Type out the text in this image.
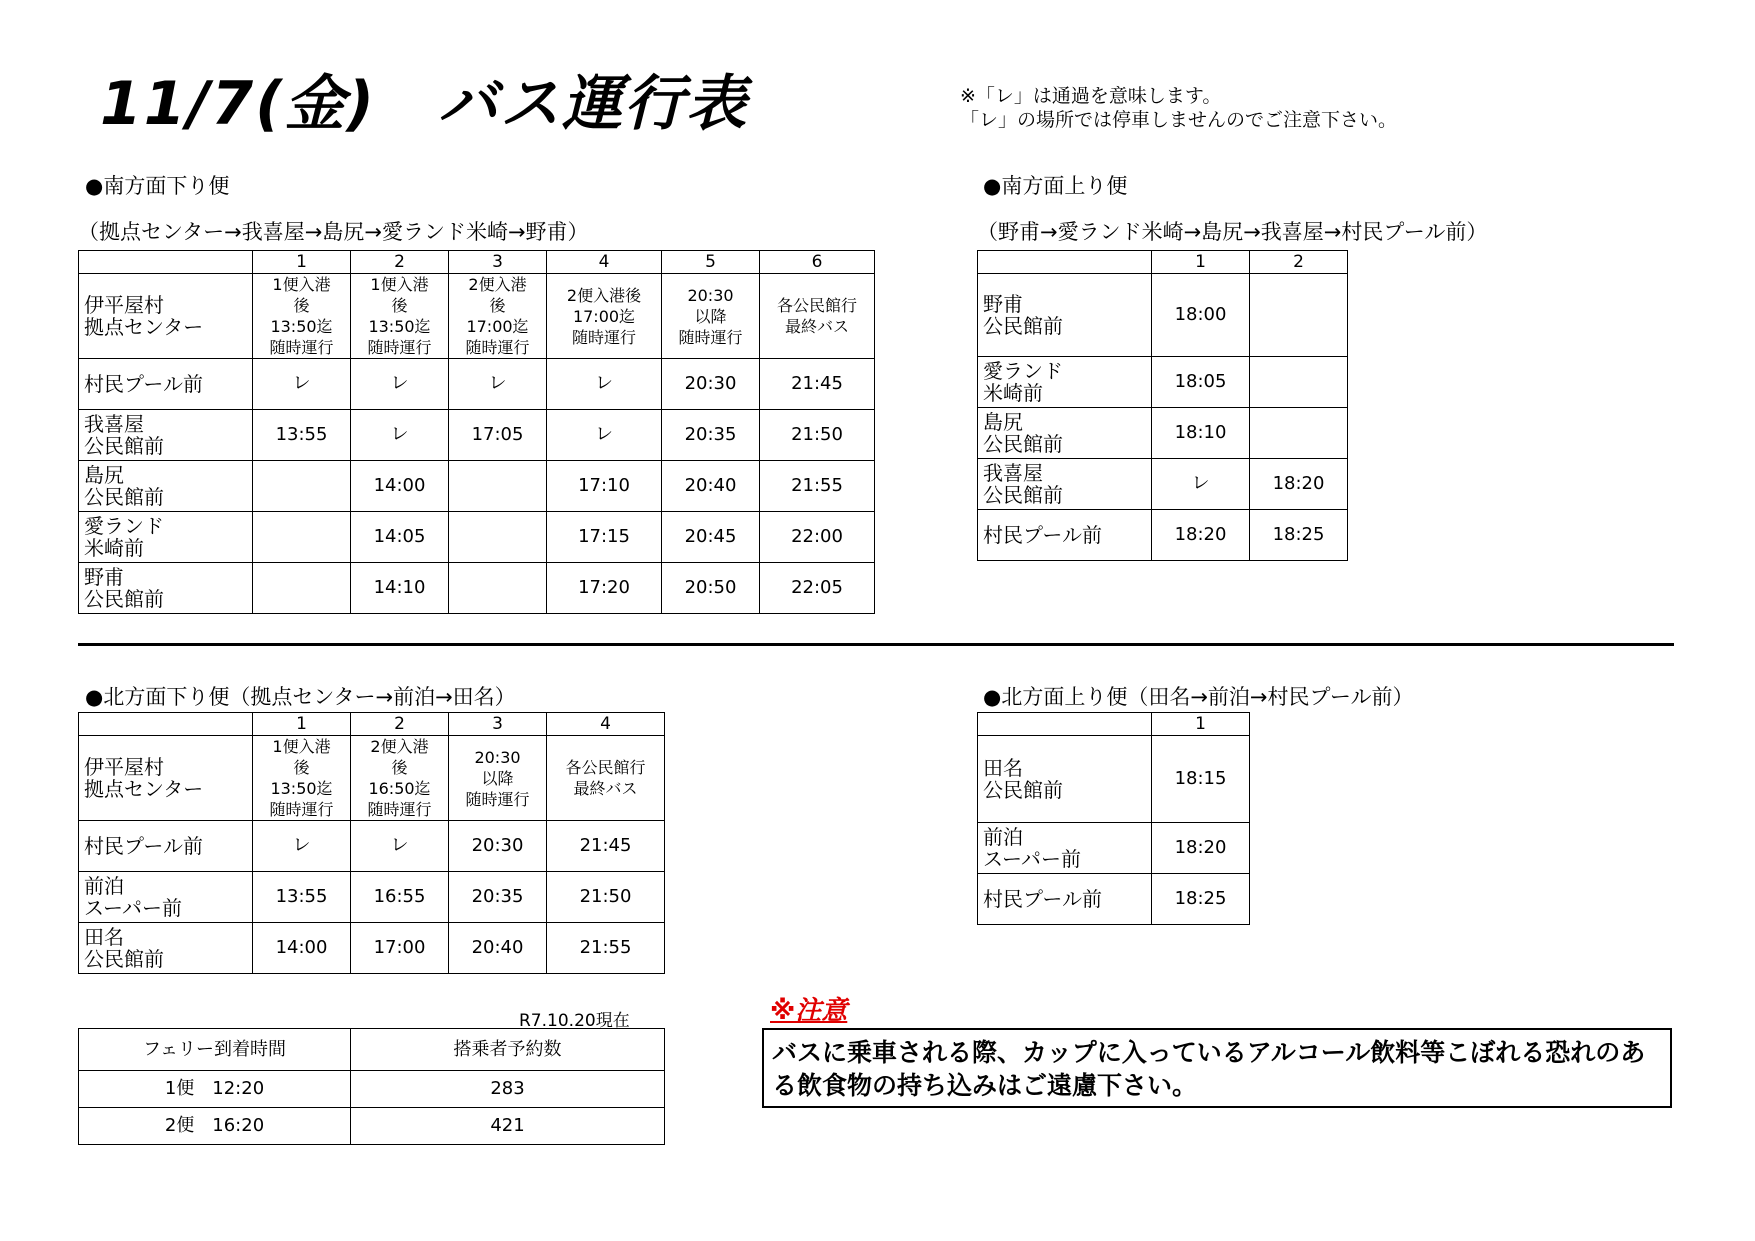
11/7(金)　バス運行表	※「レ」は通過を意味します。
「レ」の場所では停車しませんのでご注意下さい。
●南方面下り便
（拠点センター→我喜屋→島尻→愛ランド米崎→野甫）
	1	2	3	4	5	6
伊平屋村
拠点センター	1便入港
後
13:50迄
随時運行	1便入港
後
13:50迄
随時運行	2便入港
後
17:00迄
随時運行	2便入港後
17:00迄
随時運行	20:30
以降
随時運行	各公民館行
最終バス
村民プール前	レ	レ	レ	レ	20:30	21:45
我喜屋
公民館前	13:55	レ	17:05	レ	20:35	21:50
島尻
公民館前		14:00		17:10	20:40	21:55
愛ランド
米崎前		14:05		17:15	20:45	22:00
野甫
公民館前		14:10		17:20	20:50	22:05
●南方面上り便
（野甫→愛ランド米崎→島尻→我喜屋→村民プール前）
	1	2
野甫
公民館前	18:00	
愛ランド
米崎前	18:05	
島尻
公民館前	18:10	
我喜屋
公民館前	レ	18:20
村民プール前	18:20	18:25
●北方面下り便（拠点センター→前泊→田名）
	1	2	3	4
伊平屋村
拠点センター	1便入港
後
13:50迄
随時運行	2便入港
後
16:50迄
随時運行	20:30
以降
随時運行	各公民館行
最終バス
村民プール前	レ	レ	20:30	21:45
前泊
スーパー前	13:55	16:55	20:35	21:50
田名
公民館前	14:00	17:00	20:40	21:55
●北方面上り便（田名→前泊→村民プール前）
	1
田名
公民館前	18:15
前泊
スーパー前	18:20
村民プール前	18:25
R7.10.20現在
フェリー到着時間	搭乗者予約数
1便　12:20	283
2便　16:20	421
※注意
バスに乗車される際、カップに入っているアルコール飲料等こぼれる恐れのある飲食物の持ち込みはご遠慮下さい。
